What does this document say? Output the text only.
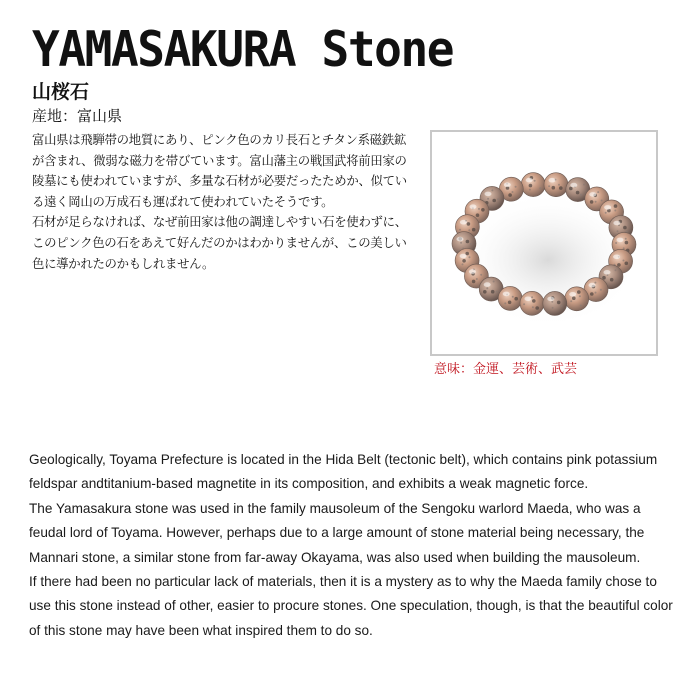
YAMASAKURA Stone
山桜石
産地：富山県

富山県は飛騨帯の地質にあり、ピンク色のカリ長石とチタン系磁鉄鉱が含まれ、微弱な磁力を帯びています。富山藩主の戦国武将前田家の陵墓にも使われていますが、多量な石材が必要だったためか、似ている遠く岡山の万成石も運ばれて使われていたそうです。

石材が足らなければ、なぜ前田家は他の調達しやすい石を使わずに、このピンク色の石をあえて好んだのかはわかりませんが、この美しい色に導かれたのかもしれません。

意味：金運、芸術、武芸

Geologically, Toyama Prefecture is located in the Hida Belt (tectonic belt), which contains pink potassium feldspar andtitanium-based magnetite in its composition, and exhibits a weak magnetic force.

The Yamasakura stone was used in the family mausoleum of the Sengoku warlord Maeda, who was a feudal lord of Toyama. However, perhaps due to a large amount of stone material being necessary, the Mannari stone, a similar stone from far-away Okayama, was also used when building the mausoleum.

If there had been no particular lack of materials, then it is a mystery as to why the Maeda family chose to use this stone instead of other, easier to procure stones. One speculation, though, is that the beautiful color of this stone may have been what inspired them to do so.
